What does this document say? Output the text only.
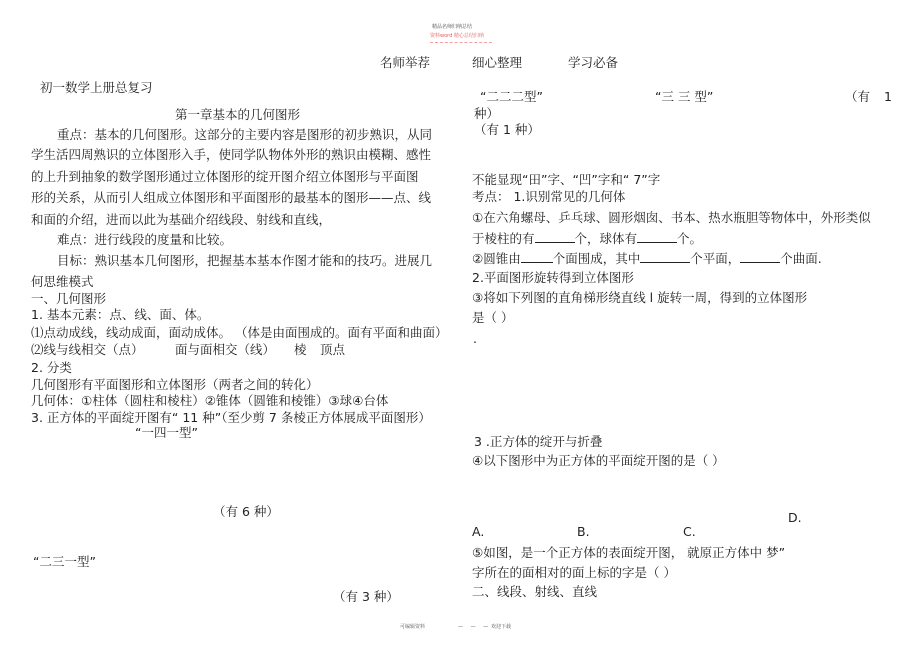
精品名师归纳总结
资料word 精心总结归纳
名师举荐	细心整理	学习必备
初一数学上册总复习
第一章基本的几何图形
重点：基本的几何图形。这部分的主要内容是图形的初步熟识，从同
学生活四周熟识的立体图形入手，使同学队物体外形的熟识由模糊、感性
的上升到抽象的数学图形通过立体图形的绽开图介绍立体图形与平面图
形的关系，从而引人组成立体图形和平面图形的最基本的图形——点、线
和面的介绍，进而以此为基础介绍线段、射线和直线，
难点：进行线段的度量和比较。
目标：熟识基本几何图形，把握基本基本作图才能和的技巧。进展几
何思维模式
一、几何图形
1. 基本元素：点、线、面、体。
⑴点动成线，线动成面，面动成体。 （体是由面围成的。面有平面和曲面）
⑵线与线相交（点）	面与面相交（线） 棱 顶点
2. 分类
几何图形有平面图形和立体图形（两者之间的转化）
几何体：①柱体（圆柱和棱柱）②锥体（圆锥和棱锥）③球④台体
3. 正方体的平面绽开图有“ 11 种”（至少剪 7 条棱正方体展成平面图形）
“一四一型”
（有 6 种）
“二三一型”
（有 3 种）
“二二二型”	“三 三 型”	（有 1
种）
（有 1 种）
不能显现“田”字、“凹”字和“ 7”字
考点： 1.识别常见的几何体
①在六角螺母、乒乓球、圆形烟囱、书本、热水瓶胆等物体中，外形类似
于棱柱的有	个，球体有	个。
②圆锥由	个面围成，其中	个平面，	个曲面.
2.平面图形旋转得到立体图形
③将如下列图的直角梯形绕直线 l 旋转一周，得到的立体图形
是（ ）
.
3 .正方体的绽开与折叠
④以下图形中为正方体的平面绽开图的是（ ）
D.
A.	B.	C.
⑤如图，是一个正方体的表面绽开图， 就原正方体中 梦”
字所在的面相对的面上标的字是（ ）
二、线段、射线、直线
可编辑资料	— — — 欢迎下载
